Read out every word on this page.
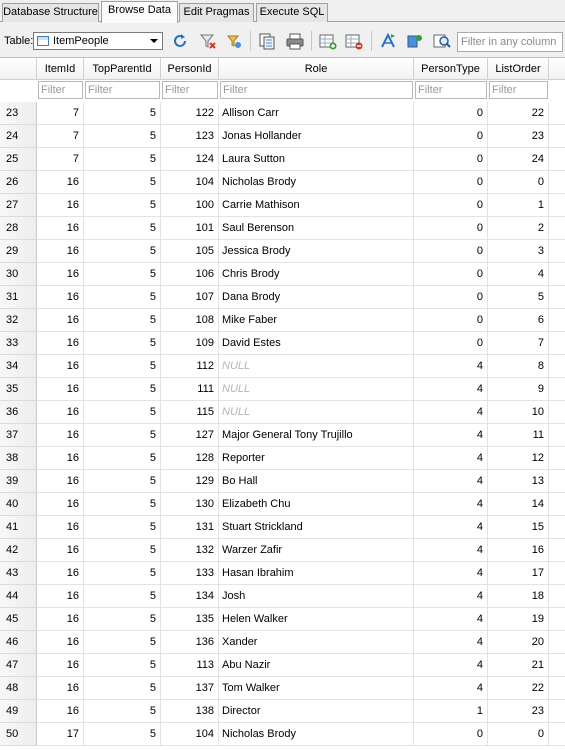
Database Structure Browse Data	Edit Pragmas Execute SQL
Table: ItemPeople
Filter in any column
ItemId	TopParentId	PersonId	Role	PersonType	ListOrder
Filter
Filter
Filter
Filter
Filter
Filter
23	7	5	122 Allison Carr	0	22
24	7	5	123 Jonas Hollander	0	23
25	7	5	124 Laura Sutton	0	24
26	16	5	104 Nicholas Brody	0	0
27	16	5	100 Carrie Mathison	0	1
28	16	5	101 Saul Berenson	0	2
29	16	5	105 Jessica Brody	0	3
30	16	5	106 Chris Brody	0	4
31	16	5	107 Dana Brody	0	5
32	16	5	108 Mike Faber	0	6
33	16	5	109 David Estes	0	7
34	16	5	112 NULL	4	8
35	16	5	111 NULL	4	9
36	16	5	115 NULL	4	10
37	16	5	127 Major General Tony Trujillo	4	11
38	16	5	128 Reporter	4	12
39	16	5	129 Bo Hall	4	13
40	16	5	130 Elizabeth Chu	4	14
41	16	5	131 Stuart Strickland	4	15
42	16	5	132 Warzer Zafir	4	16
43	16	5	133 Hasan Ibrahim	4	17
44	16	5	134 Josh	4	18
45	16	5	135 Helen Walker	4	19
46	16	5	136 Xander	4	20
47	16	5	113 Abu Nazir	4	21
48	16	5	137 Tom Walker	4	22
49	16	5	138 Director	1	23
50	17	5	104 Nicholas Brody	0	0
